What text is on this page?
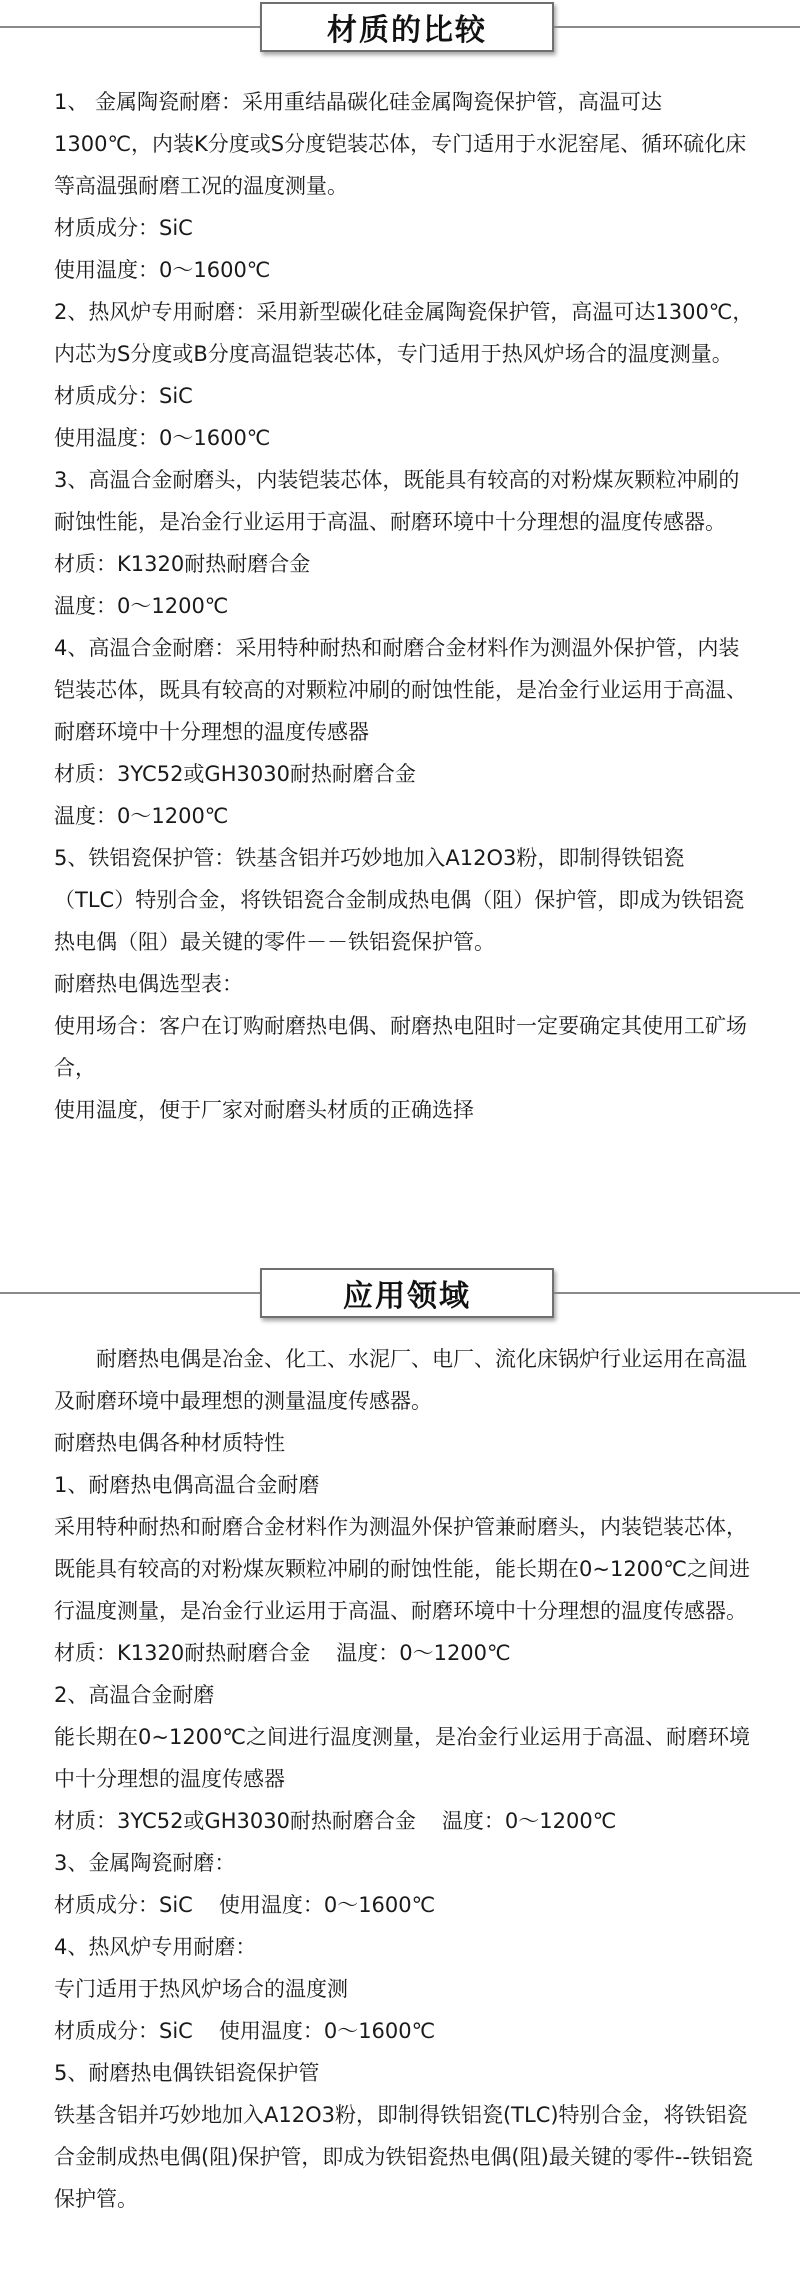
材质的比较

1、 金属陶瓷耐磨：采用重结晶碳化硅金属陶瓷保护管，高温可达1300℃，内装K分度或S分度铠装芯体，专门适用于水泥窑尾、循环硫化床等高温强耐磨工况的温度测量。

材质成分：SiC

使用温度：0～1600℃

2、热风炉专用耐磨：采用新型碳化硅金属陶瓷保护管，高温可达1300℃，内芯为S分度或B分度高温铠装芯体，专门适用于热风炉场合的温度测量。

材质成分：SiC

使用温度：0～1600℃

3、高温合金耐磨头，内装铠装芯体，既能具有较高的对粉煤灰颗粒冲刷的耐蚀性能，是冶金行业运用于高温、耐磨环境中十分理想的温度传感器。

材质：K1320耐热耐磨合金

温度：0～1200℃

4、高温合金耐磨：采用特种耐热和耐磨合金材料作为测温外保护管，内装铠装芯体，既具有较高的对颗粒冲刷的耐蚀性能，是冶金行业运用于高温、耐磨环境中十分理想的温度传感器

材质：3YC52或GH3030耐热耐磨合金

温度：0～1200℃

5、铁铝瓷保护管：铁基含铝并巧妙地加入A12O3粉，即制得铁铝瓷（TLC）特别合金，将铁铝瓷合金制成热电偶（阻）保护管，即成为铁铝瓷热电偶（阻）最关键的零件－－铁铝瓷保护管。

耐磨热电偶选型表：

使用场合：客户在订购耐磨热电偶、耐磨热电阻时一定要确定其使用工矿场合，

使用温度，便于厂家对耐磨头材质的正确选择

应用领域

耐磨热电偶是冶金、化工、水泥厂、电厂、流化床锅炉行业运用在高温及耐磨环境中最理想的测量温度传感器。

耐磨热电偶各种材质特性

1、耐磨热电偶高温合金耐磨

采用特种耐热和耐磨合金材料作为测温外保护管兼耐磨头，内装铠装芯体，既能具有较高的对粉煤灰颗粒冲刷的耐蚀性能，能长期在0~1200℃之间进行温度测量，是冶金行业运用于高温、耐磨环境中十分理想的温度传感器。

材质：K1320耐热耐磨合金 温度：0～1200℃

2、高温合金耐磨

能长期在0~1200℃之间进行温度测量，是冶金行业运用于高温、耐磨环境中十分理想的温度传感器

材质：3YC52或GH3030耐热耐磨合金 温度：0～1200℃

3、金属陶瓷耐磨：

材质成分：SiC 使用温度：0～1600℃

4、热风炉专用耐磨：

专门适用于热风炉场合的温度测

材质成分：SiC 使用温度：0～1600℃

5、耐磨热电偶铁铝瓷保护管

铁基含铝并巧妙地加入A12O3粉，即制得铁铝瓷(TLC)特别合金，将铁铝瓷合金制成热电偶(阻)保护管，即成为铁铝瓷热电偶(阻)最关键的零件--铁铝瓷保护管。
